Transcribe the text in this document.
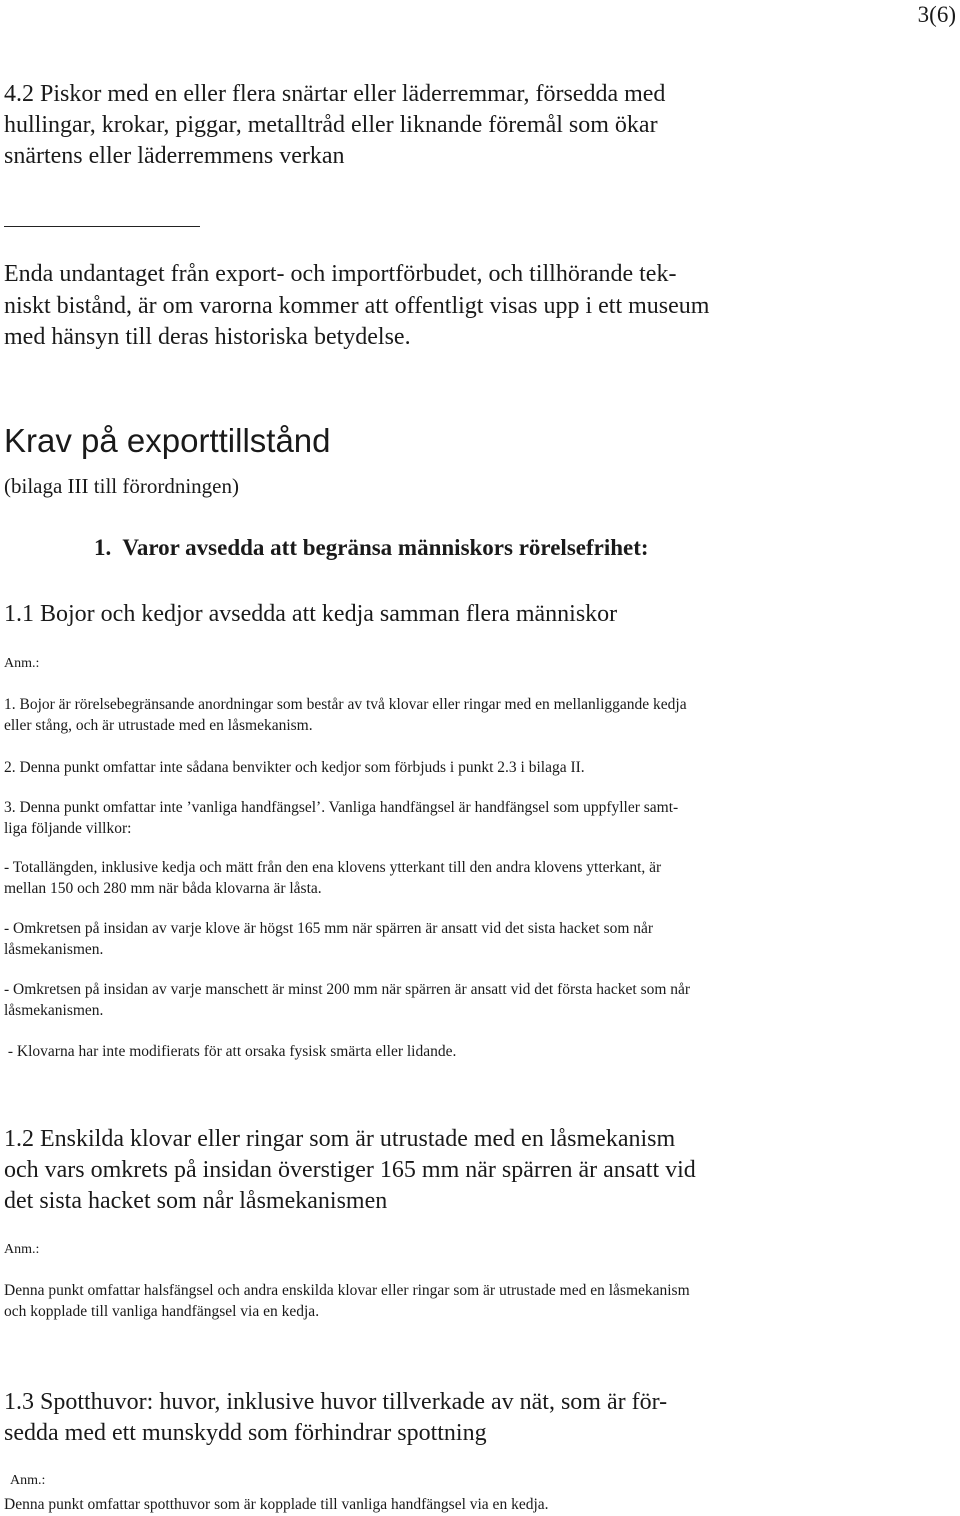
3(6)
4.2 Piskor med en eller flera snärtar eller läderremmar, försedda med
hullingar, krokar, piggar, metalltråd eller liknande föremål som ökar
snärtens eller läderremmens verkan
Enda undantaget från export- och importförbudet, och tillhörande tek-
niskt bistånd, är om varorna kommer att offentligt visas upp i ett museum
med hänsyn till deras historiska betydelse.
Krav på exporttillstånd
(bilaga III till förordningen)
1.  Varor avsedda att begränsa människors rörelsefrihet:
1.1 Bojor och kedjor avsedda att kedja samman flera människor
Anm.:
1. Bojor är rörelsebegränsande anordningar som består av två klovar eller ringar med en mellanliggande kedja
eller stång, och är utrustade med en låsmekanism.
2. Denna punkt omfattar inte sådana benvikter och kedjor som förbjuds i punkt 2.3 i bilaga II.
3. Denna punkt omfattar inte ’vanliga handfängsel’. Vanliga handfängsel är handfängsel som uppfyller samt-
liga följande villkor:
- Totallängden, inklusive kedja och mätt från den ena klovens ytterkant till den andra klovens ytterkant, är
mellan 150 och 280 mm när båda klovarna är låsta.
- Omkretsen på insidan av varje klove är högst 165 mm när spärren är ansatt vid det sista hacket som når
låsmekanismen.
- Omkretsen på insidan av varje manschett är minst 200 mm när spärren är ansatt vid det första hacket som når
låsmekanismen.
- Klovarna har inte modifierats för att orsaka fysisk smärta eller lidande.
1.2 Enskilda klovar eller ringar som är utrustade med en låsmekanism
och vars omkrets på insidan överstiger 165 mm när spärren är ansatt vid
det sista hacket som når låsmekanismen
Anm.:
Denna punkt omfattar halsfängsel och andra enskilda klovar eller ringar som är utrustade med en låsmekanism
och kopplade till vanliga handfängsel via en kedja.
1.3 Spotthuvor: huvor, inklusive huvor tillverkade av nät, som är för-
sedda med ett munskydd som förhindrar spottning
Anm.:
Denna punkt omfattar spotthuvor som är kopplade till vanliga handfängsel via en kedja.
